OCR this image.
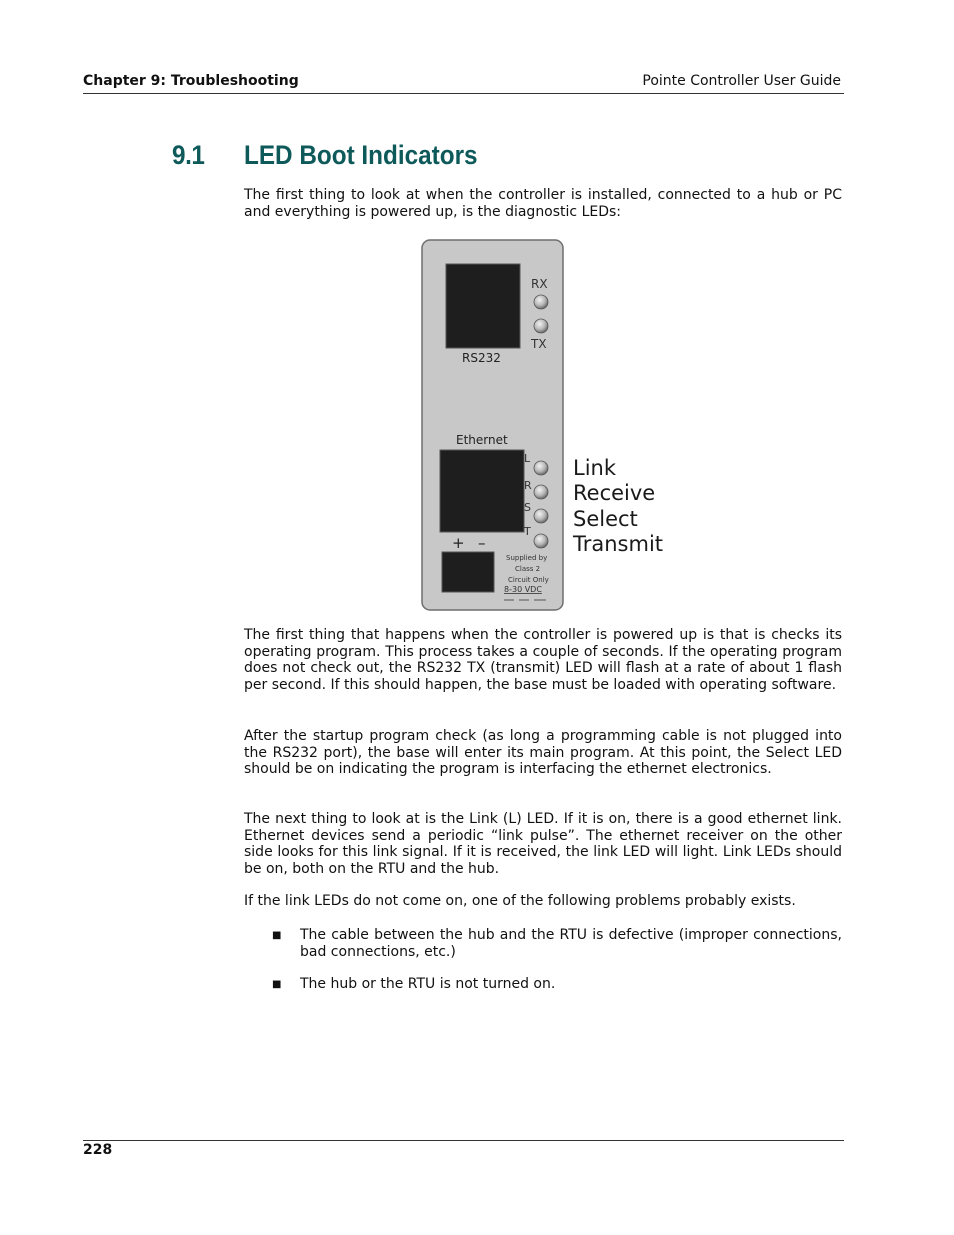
Chapter 9: Troubleshooting	Pointe Controller User Guide
9.1 LED Boot Indicators
The first thing to look at when the controller is installed, connected to a hub or PC and everything is powered up, is the diagnostic LEDs:
RS232
RX
TX
Ethernet
L
R
S
T
Link
Receive
Select
Transmit
+ –
Supplied by
Class 2
Circuit Only
8-30 VDC
The first thing that happens when the controller is powered up is that is checks its operating program. This process takes a couple of seconds. If the operating program does not check out, the RS232 TX (transmit) LED will flash at a rate of about 1 flash per second. If this should happen, the base must be loaded with operating software.
After the startup program check (as long a programming cable is not plugged into the RS232 port), the base will enter its main program. At this point, the Select LED should be on indicating the program is interfacing the ethernet electronics.
The next thing to look at is the Link (L) LED. If it is on, there is a good ethernet link. Ethernet devices send a periodic “link pulse”. The ethernet receiver on the other side looks for this link signal. If it is received, the link LED will light. Link LEDs should be on, both on the RTU and the hub.
If the link LEDs do not come on, one of the following problems probably exists.
■ The cable between the hub and the RTU is defective (improper connections, bad connections, etc.)
■ The hub or the RTU is not turned on.
228
